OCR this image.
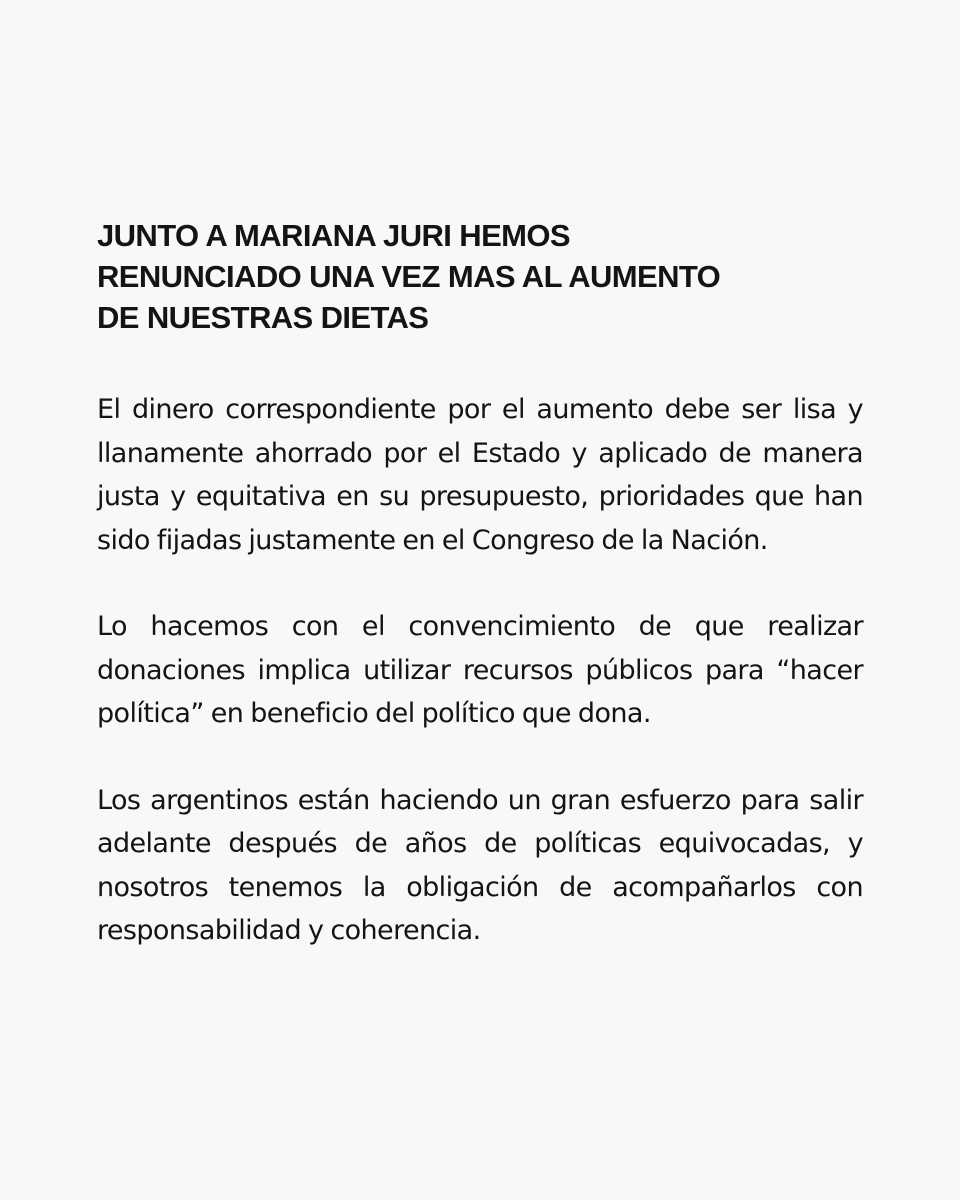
JUNTO A MARIANA JURI HEMOS
RENUNCIADO UNA VEZ MAS AL AUMENTO
DE NUESTRAS DIETAS

El dinero correspondiente por el aumento debe ser lisa y llanamente ahorrado por el Estado y aplicado de manera justa y equitativa en su presupuesto, prioridades que han sido fijadas justamente en el Congreso de la Nación.

Lo hacemos con el convencimiento de que realizar donaciones implica utilizar recursos públicos para “hacer política” en beneficio del político que dona.

Los argentinos están haciendo un gran esfuerzo para salir adelante después de años de políticas equivocadas, y nosotros tenemos la obligación de acompañarlos con responsabilidad y coherencia.
